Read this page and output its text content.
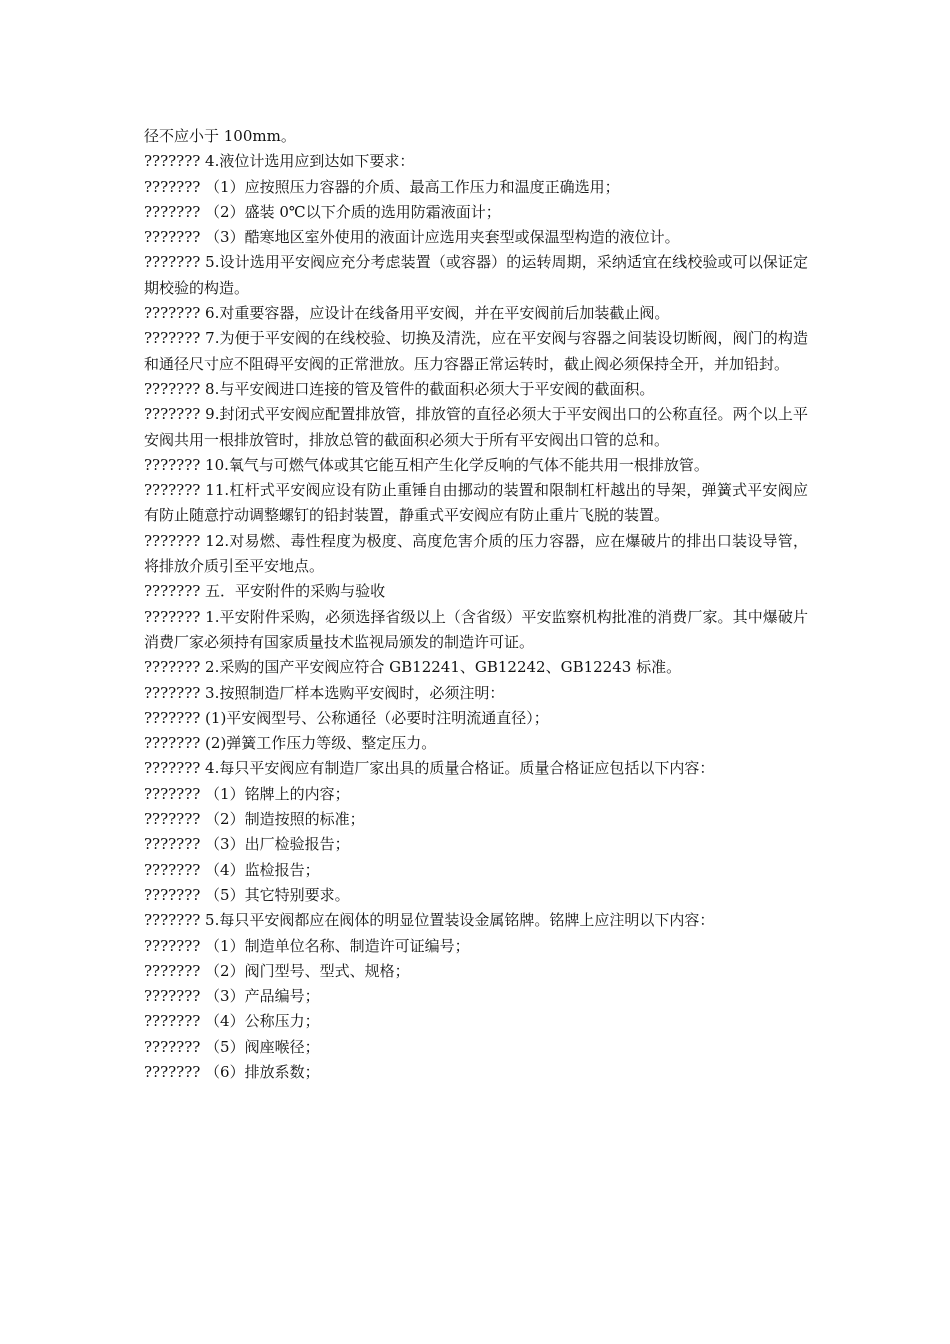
径不应小于 100mm。

??????? 4.液位计选用应到达如下要求：

??????? （1）应按照压力容器的介质、最高工作压力和温度正确选用；

??????? （2）盛装 0℃以下介质的选用防霜液面计；

??????? （3）酷寒地区室外使用的液面计应选用夹套型或保温型构造的液位计。

??????? 5.设计选用平安阀应充分考虑装置（或容器）的运转周期，采纳适宜在线校验或可以保证定期校验的构造。

??????? 6.对重要容器，应设计在线备用平安阀，并在平安阀前后加装截止阀。

??????? 7.为便于平安阀的在线校验、切换及清洗，应在平安阀与容器之间装设切断阀，阀门的构造和通径尺寸应不阻碍平安阀的正常泄放。压力容器正常运转时，截止阀必须保持全开，并加铅封。

??????? 8.与平安阀进口连接的管及管件的截面积必须大于平安阀的截面积。

??????? 9.封闭式平安阀应配置排放管，排放管的直径必须大于平安阀出口的公称直径。两个以上平安阀共用一根排放管时，排放总管的截面积必须大于所有平安阀出口管的总和。

??????? 10.氧气与可燃气体或其它能互相产生化学反响的气体不能共用一根排放管。

??????? 11.杠杆式平安阀应设有防止重锤自由挪动的装置和限制杠杆越出的导架，弹簧式平安阀应有防止随意拧动调整螺钉的铅封装置，静重式平安阀应有防止重片飞脱的装置。

??????? 12.对易燃、毒性程度为极度、高度危害介质的压力容器，应在爆破片的排出口装设导管，将排放介质引至平安地点。

??????? 五．平安附件的采购与验收

??????? 1.平安附件采购，必须选择省级以上（含省级）平安监察机构批准的消费厂家。其中爆破片消费厂家必须持有国家质量技术监视局颁发的制造许可证。

??????? 2.采购的国产平安阀应符合 GB12241、GB12242、GB12243 标准。

??????? 3.按照制造厂样本选购平安阀时，必须注明：

??????? (1)平安阀型号、公称通径（必要时注明流通直径）；

??????? (2)弹簧工作压力等级、整定压力。

??????? 4.每只平安阀应有制造厂家出具的质量合格证。质量合格证应包括以下内容：

??????? （1）铭牌上的内容；

??????? （2）制造按照的标准；

??????? （3）出厂检验报告；

??????? （4）监检报告；

??????? （5）其它特别要求。

??????? 5.每只平安阀都应在阀体的明显位置装设金属铭牌。铭牌上应注明以下内容：

??????? （1）制造单位名称、制造许可证编号；

??????? （2）阀门型号、型式、规格；

??????? （3）产品编号；

??????? （4）公称压力；

??????? （5）阀座喉径；

??????? （6）排放系数；
